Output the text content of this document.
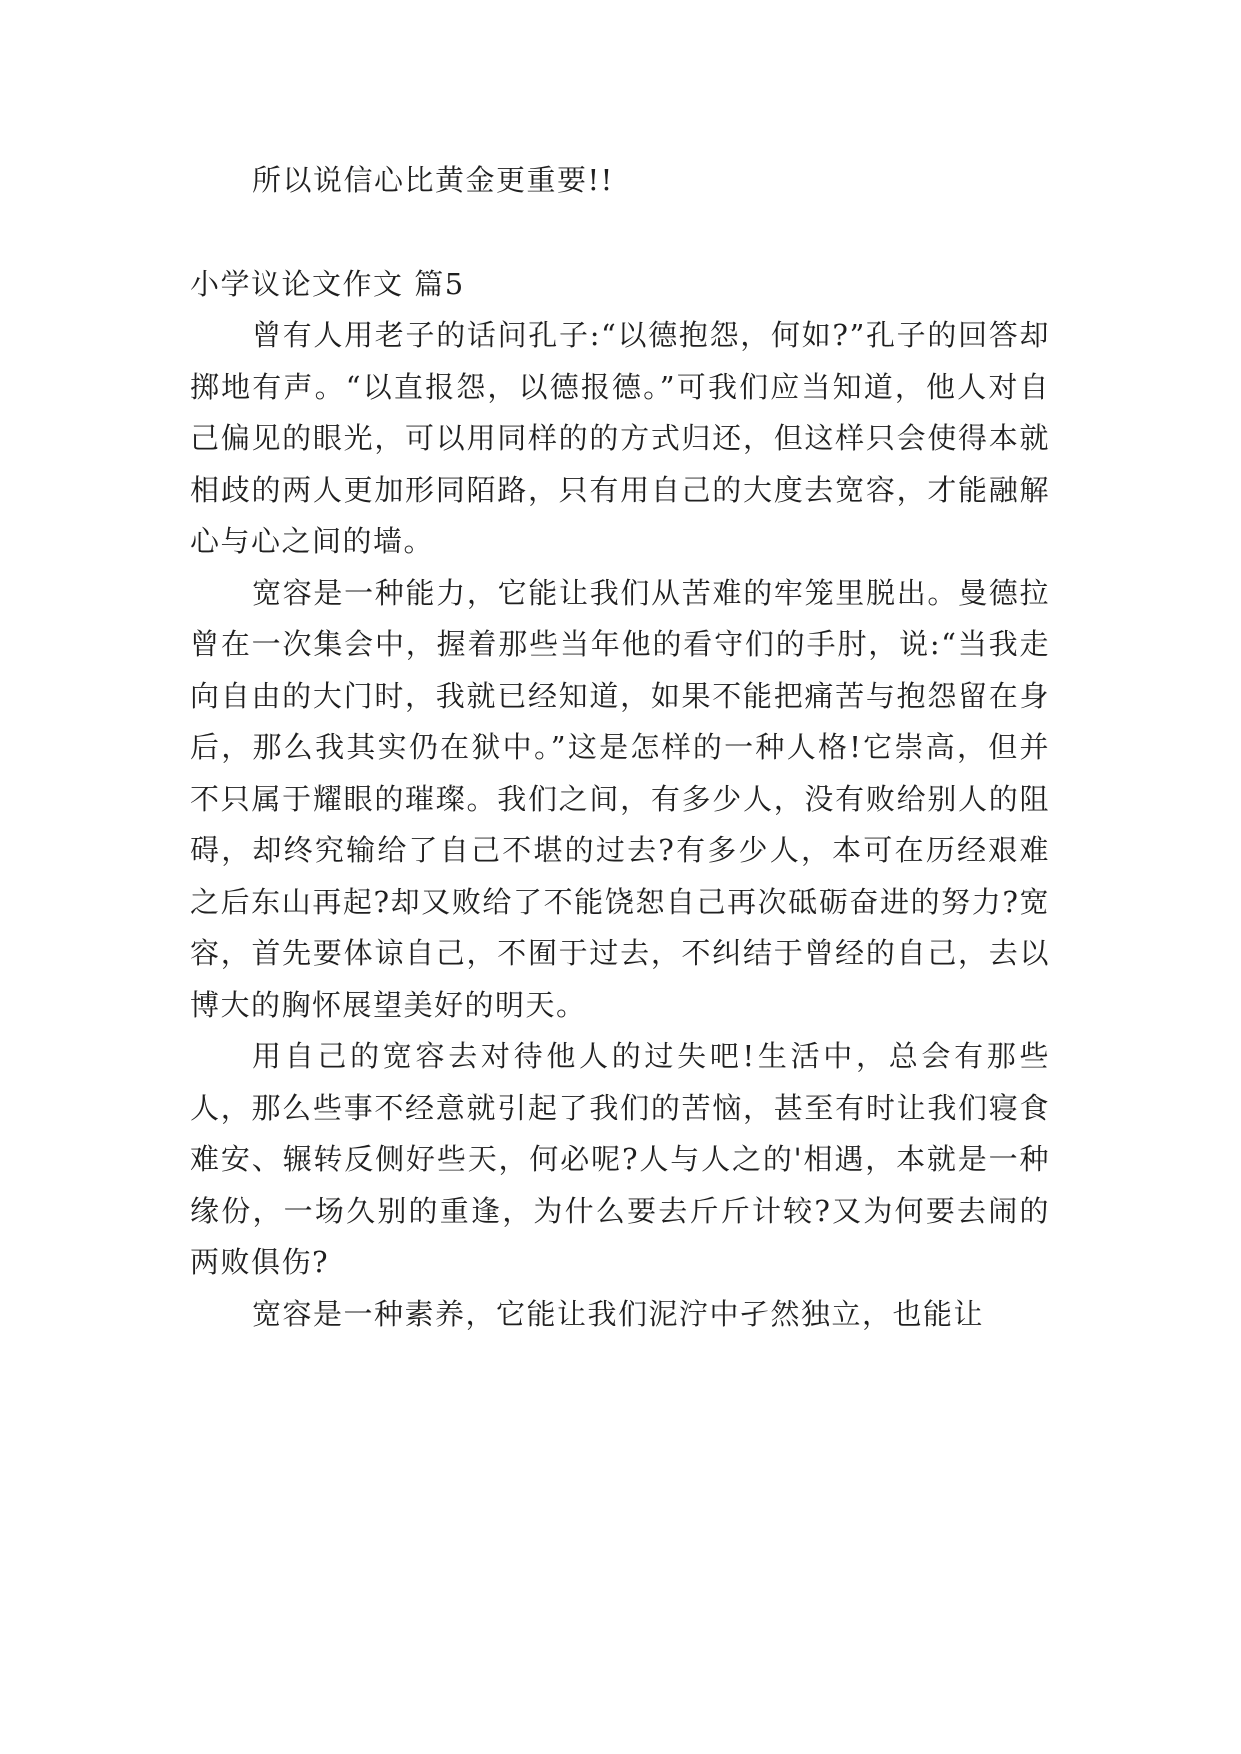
所以说信心比黄金更重要!!

小学议论文作文 篇5

曾有人用老子的话问孔子:“以德抱怨，何如?”孔子的回答却掷地有声。“以直报怨，以德报德。”可我们应当知道，他人对自己偏见的眼光，可以用同样的的方式归还，但这样只会使得本就相歧的两人更加形同陌路，只有用自己的大度去宽容，才能融解心与心之间的墙。

宽容是一种能力，它能让我们从苦难的牢笼里脱出。曼德拉曾在一次集会中，握着那些当年他的看守们的手肘，说:“当我走向自由的大门时，我就已经知道，如果不能把痛苦与抱怨留在身后，那么我其实仍在狱中。”这是怎样的一种人格!它崇高，但并不只属于耀眼的璀璨。我们之间，有多少人，没有败给别人的阻碍，却终究输给了自己不堪的过去?有多少人，本可在历经艰难之后东山再起?却又败给了不能饶恕自己再次砥砺奋进的努力?宽容，首先要体谅自己，不囿于过去，不纠结于曾经的自己，去以博大的胸怀展望美好的明天。

用自己的宽容去对待他人的过失吧!生活中，总会有那些人，那么些事不经意就引起了我们的苦恼，甚至有时让我们寝食难安、辗转反侧好些天，何必呢?人与人之的'相遇，本就是一种缘份，一场久别的重逢，为什么要去斤斤计较?又为何要去闹的两败俱伤?

宽容是一种素养，它能让我们泥泞中孑然独立，也能让
